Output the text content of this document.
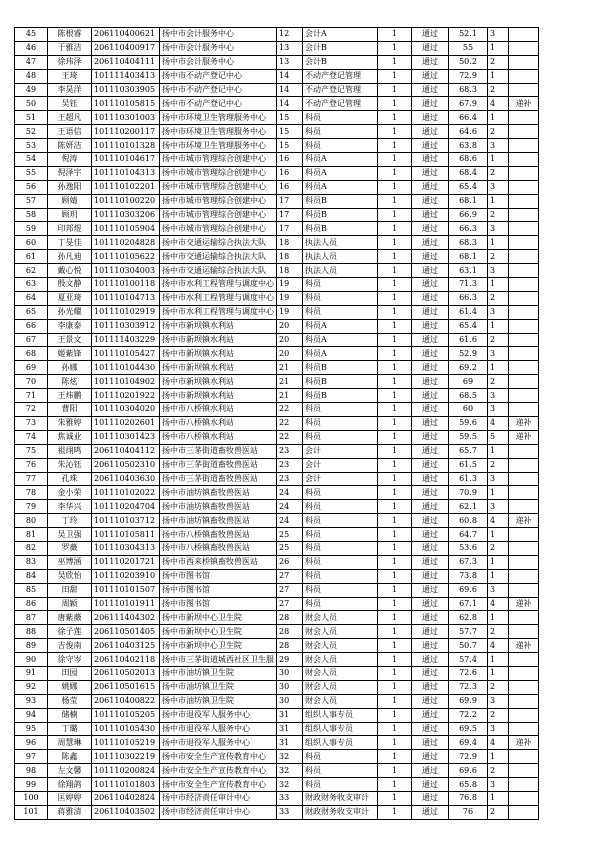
45	陈根睿	206110400621	扬中市会计服务中心	12	会计A	1	通过	52.1	3	
46	于雅洁	206110400917	扬中市会计服务中心	13	会计B	1	通过	55	1	
47	徐玮泽	206110404111	扬中市会计服务中心	13	会计B	1	通过	50.2	2	
48	王琦	101111403413	扬中市不动产登记中心	14	不动产登记管理	1	通过	72.9	1	
49	李昊洋	101110303905	扬中市不动产登记中心	14	不动产登记管理	1	通过	68.3	2	
50	吴钰	101110105815	扬中市不动产登记中心	14	不动产登记管理	1	通过	67.9	4	递补
51	王超凡	101110301003	扬中市环境卫生管理服务中心	15	科员	1	通过	66.4	1	
52	王语信	101110200117	扬中市环境卫生管理服务中心	15	科员	1	通过	64.6	2	
53	陈妍洁	101110101328	扬中市环境卫生管理服务中心	15	科员	1	通过	63.8	3	
54	倪涛	101110104617	扬中市城市管理综合创建中心	16	科员A	1	通过	68.6	1	
55	倪泽宇	101110104313	扬中市城市管理综合创建中心	16	科员A	1	通过	68.4	2	
56	孙逸阳	101110102201	扬中市城市管理综合创建中心	16	科员A	1	通过	65.4	3	
57	顾婧	101110100220	扬中市城市管理综合创建中心	17	科员B	1	通过	68.1	1	
58	顾玥	101110303206	扬中市城市管理综合创建中心	17	科员B	1	通过	66.9	2	
59	印邦煜	101110105904	扬中市城市管理综合创建中心	17	科员B	1	通过	66.3	3	
60	丁旻佳	101110204828	扬中市交通运输综合执法大队	18	执法人员	1	通过	68.3	1	
61	孙凡迪	101110105622	扬中市交通运输综合执法大队	18	执法人员	1	通过	68.1	2	
62	戴心悦	101110304003	扬中市交通运输综合执法大队	18	执法人员	1	通过	63.1	3	
63	殷文静	101110100118	扬中市水利工程管理与调度中心	19	科员	1	通过	71.3	1	
64	夏亚琦	101110104713	扬中市水利工程管理与调度中心	19	科员	1	通过	66.3	2	
65	孙光耀	101110102919	扬中市水利工程管理与调度中心	19	科员	1	通过	61.4	3	
66	李康泰	101110303912	扬中市新坝镇水利站	20	科员A	1	通过	65.4	1	
67	王景文	101111403229	扬中市新坝镇水利站	20	科员A	1	通过	61.6	2	
68	姬紫锋	101110105427	扬中市新坝镇水利站	20	科员A	1	通过	52.9	3	
69	孙娜	101110104430	扬中市新坝镇水利站	21	科员B	1	通过	69.2	1	
70	陈炫	101110104902	扬中市新坝镇水利站	21	科员B	1	通过	69	2	
71	王炜鹏	101110201922	扬中市新坝镇水利站	21	科员B	1	通过	68.5	3	
72	曹阳	101110304020	扬中市八桥镇水利站	22	科员	1	通过	60	3	
73	朱雅婷	101110202601	扬中市八桥镇水利站	22	科员	1	通过	59.6	4	递补
74	焦诚业	101110301423	扬中市八桥镇水利站	22	科员	1	通过	59.5	5	递补
75	祖翊鸣	206110404112	扬中市三茅街道畜牧兽医站	23	会计	1	通过	65.7	1	
76	朱沁钰	206110502310	扬中市三茅街道畜牧兽医站	23	会计	1	通过	61.5	2	
77	孔珠	206110403630	扬中市三茅街道畜牧兽医站	23	会计	1	通过	61.3	3	
78	金小荣	101110102022	扬中市油坊镇畜牧兽医站	24	科员	1	通过	70.9	1	
79	李华兴	101110204704	扬中市油坊镇畜牧兽医站	24	科员	1	通过	62.1	3	
80	丁玲	101110103712	扬中市油坊镇畜牧兽医站	24	科员	1	通过	60.8	4	递补
81	吴卫强	101110105811	扬中市八桥镇畜牧兽医站	25	科员	1	通过	64.7	1	
82	罗薇	101110304313	扬中市八桥镇畜牧兽医站	25	科员	1	通过	53.6	2	
83	巫博涵	101110201721	扬中市西来桥镇畜牧兽医站	26	科员	1	通过	67.3	1	
84	吴欣怡	101110203910	扬中市图书馆	27	科员	1	通过	73.8	1	
85	田甜	101110101507	扬中市图书馆	27	科员	1	通过	69.6	3	
86	周颖	101110101911	扬中市图书馆	27	科员	1	通过	67.1	4	递补
87	唐紫薇	206111404302	扬中市新坝中心卫生院	28	财会人员	1	通过	62.8	1	
88	徐子莲	206110501405	扬中市新坝中心卫生院	28	财会人员	1	通过	57.7	2	
89	吉俊南	206110403125	扬中市新坝中心卫生院	28	财会人员	1	通过	50.7	4	递补
90	徐守岑	206110402118	扬中市三茅街道城西社区卫生服	29	财会人员	1	通过	57.4	1	
91	田园	206110502013	扬中市油坊镇卫生院	30	财会人员	1	通过	72.6	1	
92	姚娜	206110501615	扬中市油坊镇卫生院	30	财会人员	1	通过	72.3	2	
93	杨莹	206110400822	扬中市油坊镇卫生院	30	财会人员	1	通过	69.9	3	
94	储楠	101110105205	扬中市退役军人服务中心	31	组织人事专员	1	通过	72.2	2	
95	丁璐	101110105430	扬中市退役军人服务中心	31	组织人事专员	1	通过	69.5	3	
96	周慧琳	101110105219	扬中市退役军人服务中心	31	组织人事专员	1	通过	69.4	4	递补
97	陈鑫	101110302219	扬中市安全生产宣传教育中心	32	科员	1	通过	72.9	1	
98	左文馨	101110200824	扬中市安全生产宣传教育中心	32	科员	1	通过	69.6	2	
99	徐翔鸽	101110101803	扬中市安全生产宣传教育中心	32	科员	1	通过	65.8	3	
100	匡婷婷	206110402824	扬中市经济责任审计中心	33	财政财务收支审计	1	通过	76.8	1	
101	蒋雅清	206110403502	扬中市经济责任审计中心	33	财政财务收支审计	1	通过	76	2	
